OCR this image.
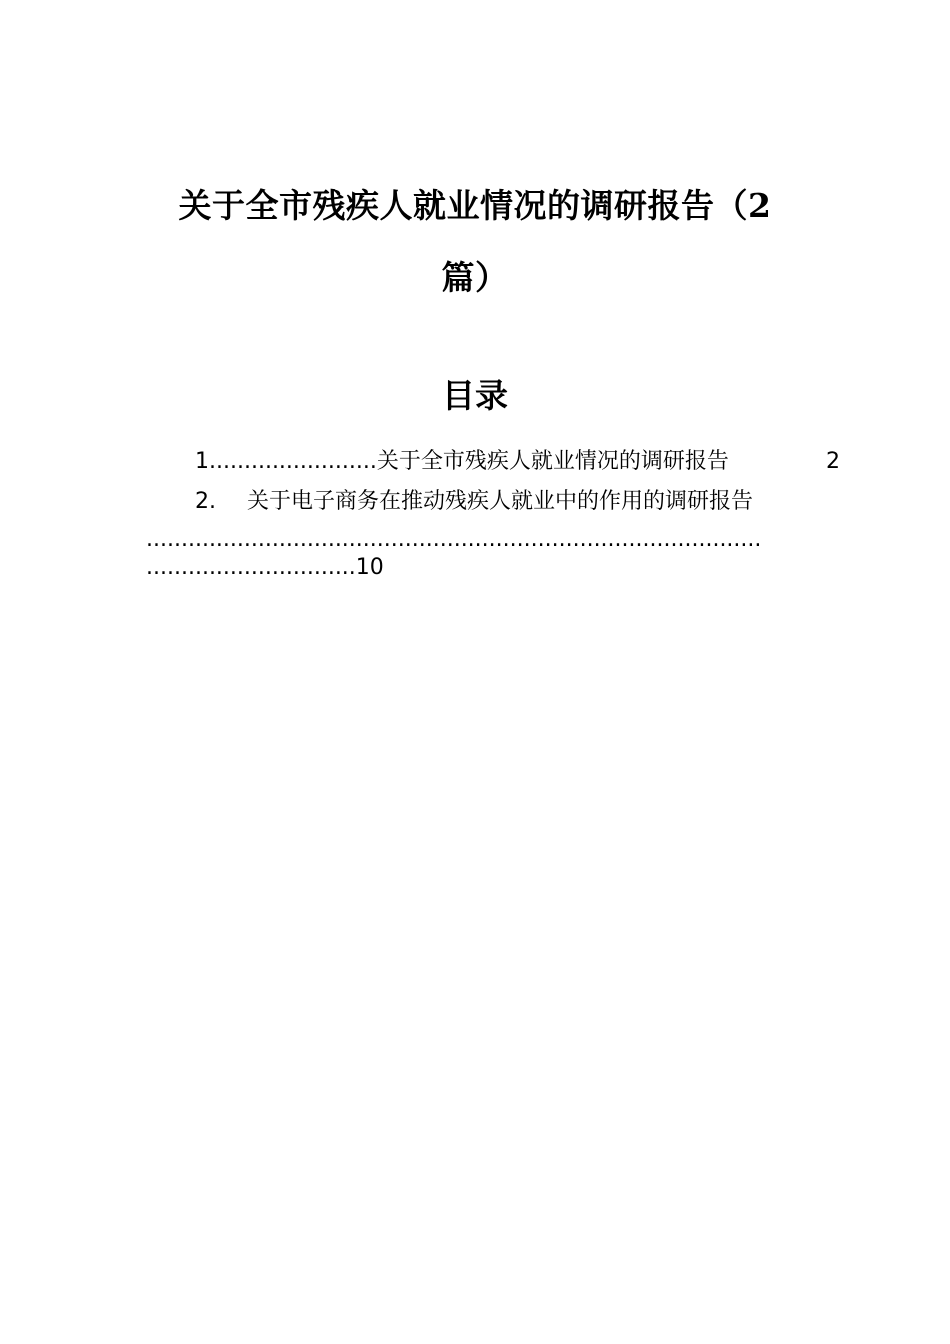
关于全市残疾人就业情况的调研报告（2
篇）
目录
1 ........................ 关于全市残疾人就业情况的调研报告	2
2. 关于电子商务在推动残疾人就业中的作用的调研报告
........................................................................................
..............................10
